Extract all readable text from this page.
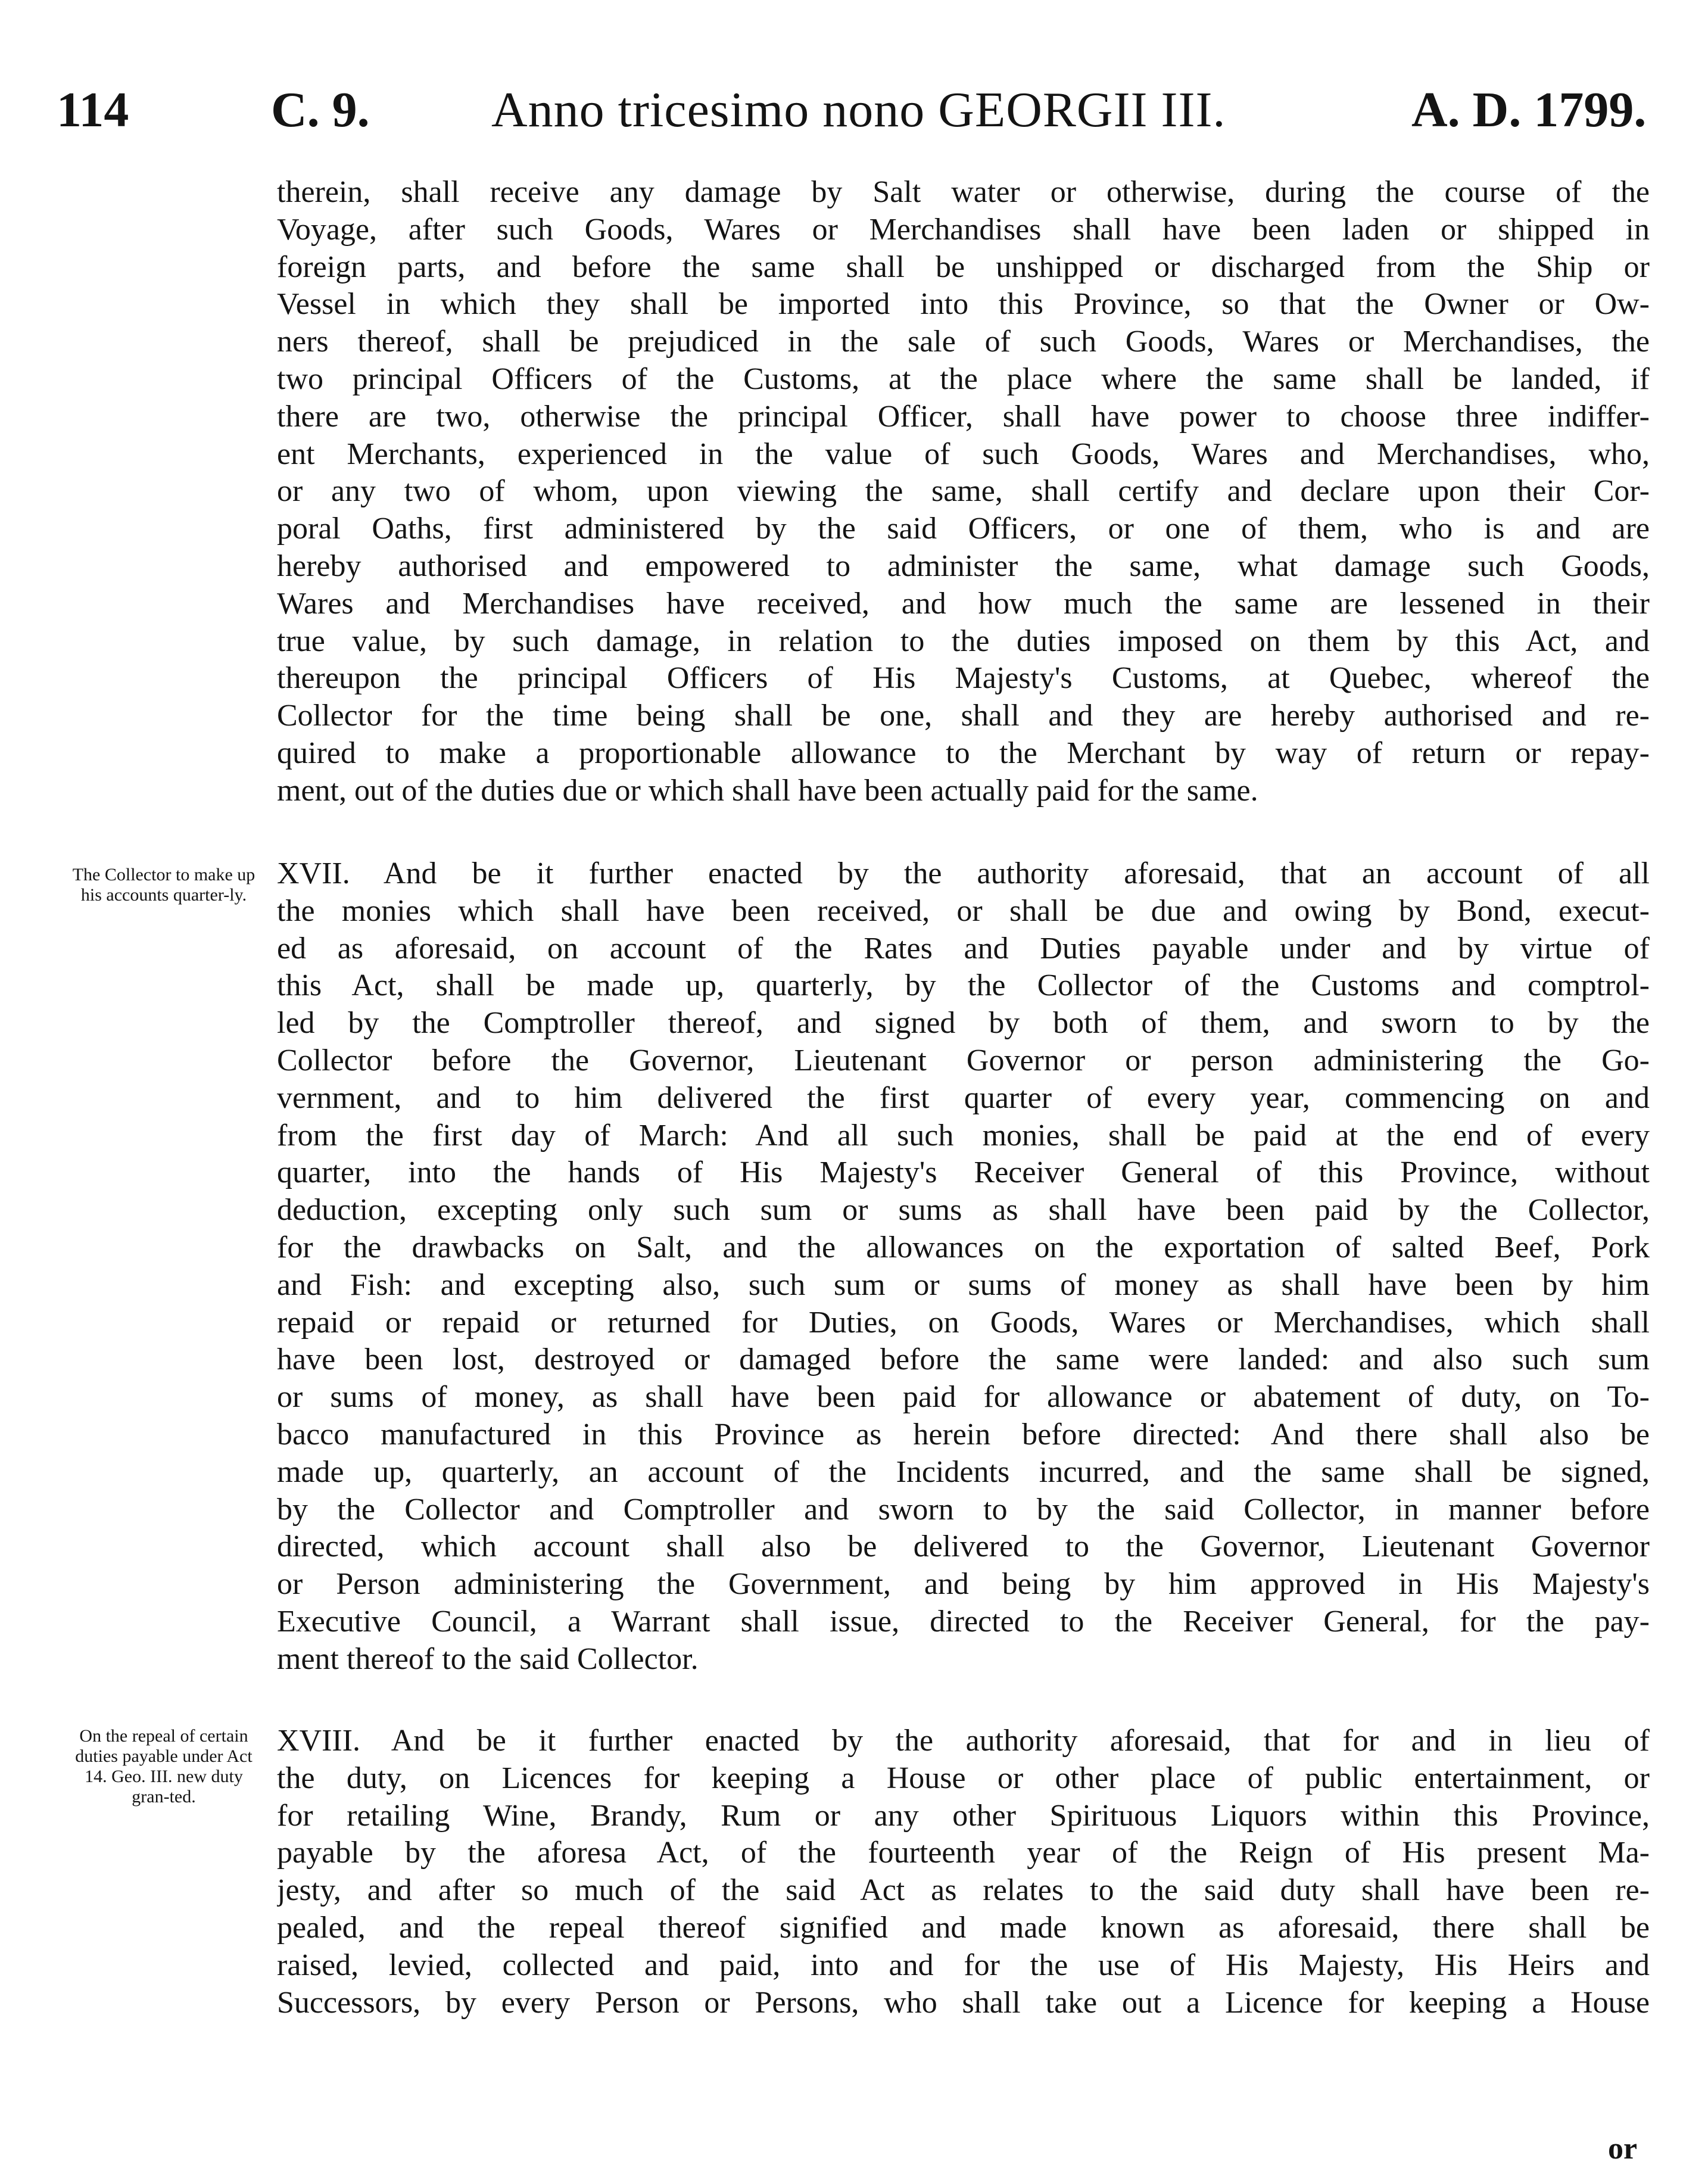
114	C. 9. Anno tricesimo nono GEORGII III.	A. D. 1799.
therein, shall receive any damage by Salt water or otherwise, during the course of the
Voyage, after such Goods, Wares or Merchandises shall have been laden or shipped in
foreign parts, and before the same shall be unshipped or discharged from the Ship or
Vessel in which they shall be imported into this Province, so that the Owner or Ow-
ners thereof, shall be prejudiced in the sale of such Goods, Wares or Merchandises, the
two principal Officers of the Customs, at the place where the same shall be landed, if
there are two, otherwise the principal Officer, shall have power to choose three indiffer-
ent Merchants, experienced in the value of such Goods, Wares and Merchandises, who,
or any two of whom, upon viewing the same, shall certify and declare upon their Cor-
poral Oaths, first administered by the said Officers, or one of them, who is and are
hereby authorised and empowered to administer the same, what damage such Goods,
Wares and Merchandises have received, and how much the same are lessened in their
true value, by such damage, in relation to the duties imposed on them by this Act, and
thereupon the principal Officers of His Majesty's Customs, at Quebec, whereof the
Collector for the time being shall be one, shall and they are hereby authorised and re-
quired to make a proportionable allowance to the Merchant by way of return or repay-
ment, out of the duties due or which shall have been actually paid for the same.
The Collector to make up his accounts quarter-ly.
XVII. And be it further enacted by the authority aforesaid, that an account of all
the monies which shall have been received, or shall be due and owing by Bond, execut-
ed as aforesaid, on account of the Rates and Duties payable under and by virtue of
this Act, shall be made up, quarterly, by the Collector of the Customs and comptrol-
led by the Comptroller thereof, and signed by both of them, and sworn to by the
Collector before the Governor, Lieutenant Governor or person administering the Go-
vernment, and to him delivered the first quarter of every year, commencing on and
from the first day of March: And all such monies, shall be paid at the end of every
quarter, into the hands of His Majesty's Receiver General of this Province, without
deduction, excepting only such sum or sums as shall have been paid by the Collector,
for the drawbacks on Salt, and the allowances on the exportation of salted Beef, Pork
and Fish: and excepting also, such sum or sums of money as shall have been by him
repaid or repaid or returned for Duties, on Goods, Wares or Merchandises, which shall
have been lost, destroyed or damaged before the same were landed: and also such sum
or sums of money, as shall have been paid for allowance or abatement of duty, on To-
bacco manufactured in this Province as herein before directed: And there shall also be
made up, quarterly, an account of the Incidents incurred, and the same shall be signed,
by the Collector and Comptroller and sworn to by the said Collector, in manner before
directed, which account shall also be delivered to the Governor, Lieutenant Governor
or Person administering the Government, and being by him approved in His Majesty's
Executive Council, a Warrant shall issue, directed to the Receiver General, for the pay-
ment thereof to the said Collector.
On the repeal of certain duties payable under Act 14. Geo. III. new duty gran-ted.
XVIII. And be it further enacted by the authority aforesaid, that for and in lieu of
the duty, on Licences for keeping a House or other place of public entertainment, or
for retailing Wine, Brandy, Rum or any other Spirituous Liquors within this Province,
payable by the aforesa Act, of the fourteenth year of the Reign of His present Ma-
jesty, and after so much of the said Act as relates to the said duty shall have been re-
pealed, and the repeal thereof signified and made known as aforesaid, there shall be
raised, levied, collected and paid, into and for the use of His Majesty, His Heirs and
Successors, by every Person or Persons, who shall take out a Licence for keeping a House
or
